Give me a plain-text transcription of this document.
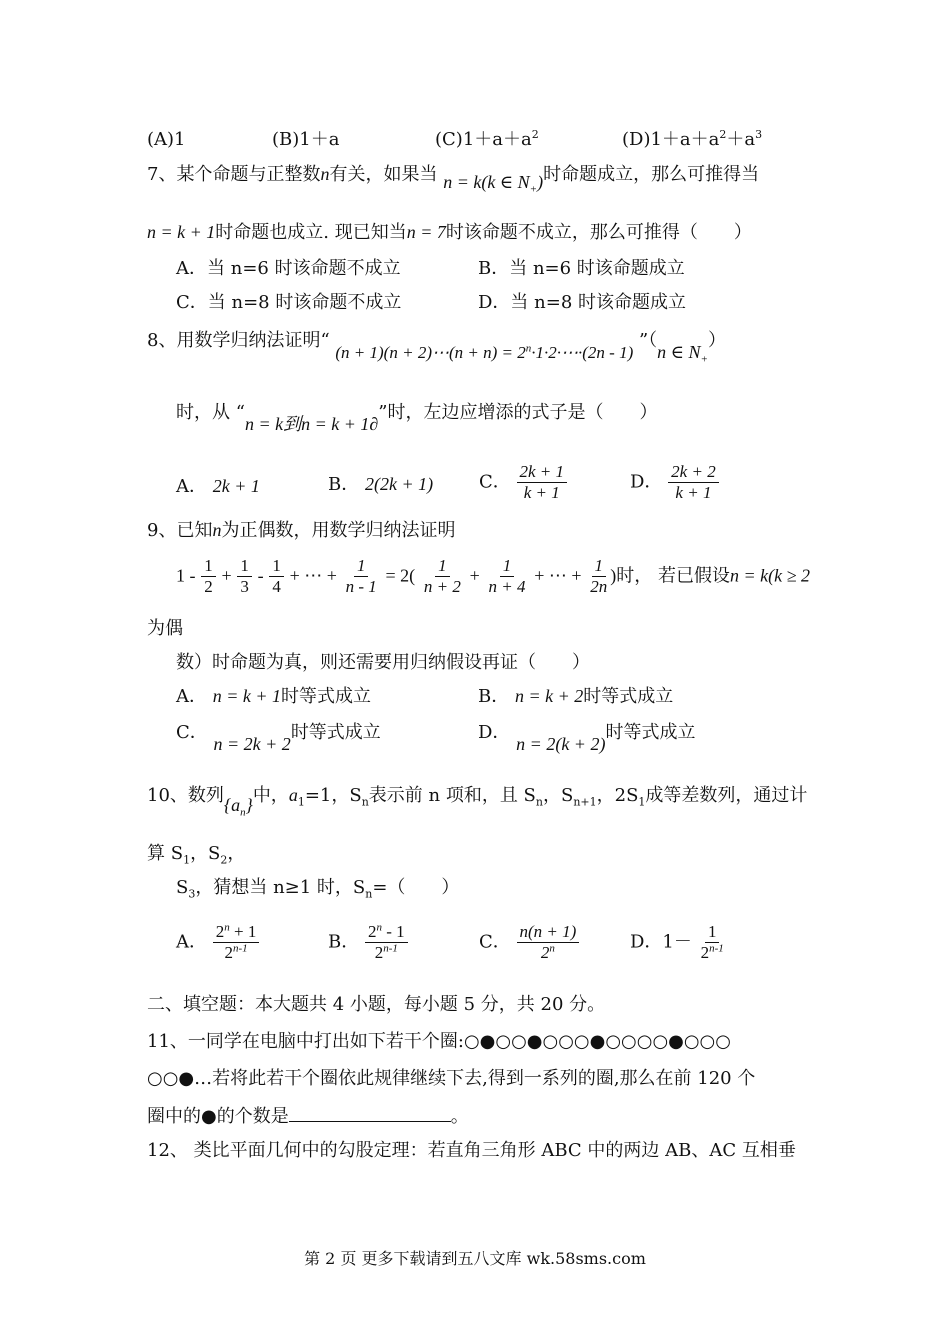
(A)1	(B)1＋a	$(C)1+a+a^2$	$(D)1+a+a^2+a^3$
7、某个命题与正整数n有关，如果当 n = k(k ∈ $N_+$)时命题成立，那么可推得当
n = k + 1时命题也成立. 现已知当n = 7时该命题不成立，那么可推得（　　）
A．当 n=6 时该命题不成立	B．当 n=6 时该命题成立
C．当 n=8 时该命题不成立	D．当 n=8 时该命题成立
8、用数学归纳法证明“ (n + 1)(n + 2)⋯(n + $n) = 2^n\cdot 1\cdot 2\cdot\cdots\cdot(2n - 1)$ ”（n ∈ $N_+$）
时，从 “n = k到n = k + 1∂”时，左边应增添的式子是（　　）
A． 2k + 1	B． 2(2k + 1)	C． $\frac{2k + 1}{k + 1}$	D． $\frac{2k + 2}{k + 1}$
9、已知n为正偶数，用数学归纳法证明
$1 - \frac{1}{2} + \frac{1}{3} - \frac{1}{4}$ + ⋯ + $\frac{1}{n - 1} = 2( \frac{1}{n + 2} + \frac{1}{n + 4}$ + ⋯ + $\frac{1}{2n}$ )时， 若已假设n = k(k ≥ 2
为偶
数）时命题为真，则还需要用归纳假设再证（　　）
A． n = k + 1时等式成立	B． n = k + 2时等式成立
C． n = 2k + 2时等式成立	D． n = 2(k + 2)时等式成立
10、数列$\{a_n\}$中，$a_1=1$，$S_n$表示前 n 项和，且 $S_n$，$S_{n+1}$，$2S_1$成等差数列，通过计
算 $S_1$，$S_2$，
$S_3$，猜想当 n≥1 时，$S_n=$（　　）
A． $\frac{2^n + 1}{2^{n-1}}$	B． $\frac{2^n - 1}{2^{n-1}}$	C． $\frac{n(n + 1)}{2^n}$	D．$1- \frac{1}{2^{n-1}}$
二、填空题：本大题共 4 小题，每小题 5 分，共 20 分。
11、一同学在电脑中打出如下若干个圈:○●○○●○○○●○○○○●○○○
○○●…若将此若干个圈依此规律继续下去,得到一系列的圈,那么在前 120 个
圈中的●的个数是	。
12、 类比平面几何中的勾股定理：若直角三角形 ABC 中的两边 AB、AC 互相垂
第 2 页 更多下载请到五八文库 wk.58sms.com
